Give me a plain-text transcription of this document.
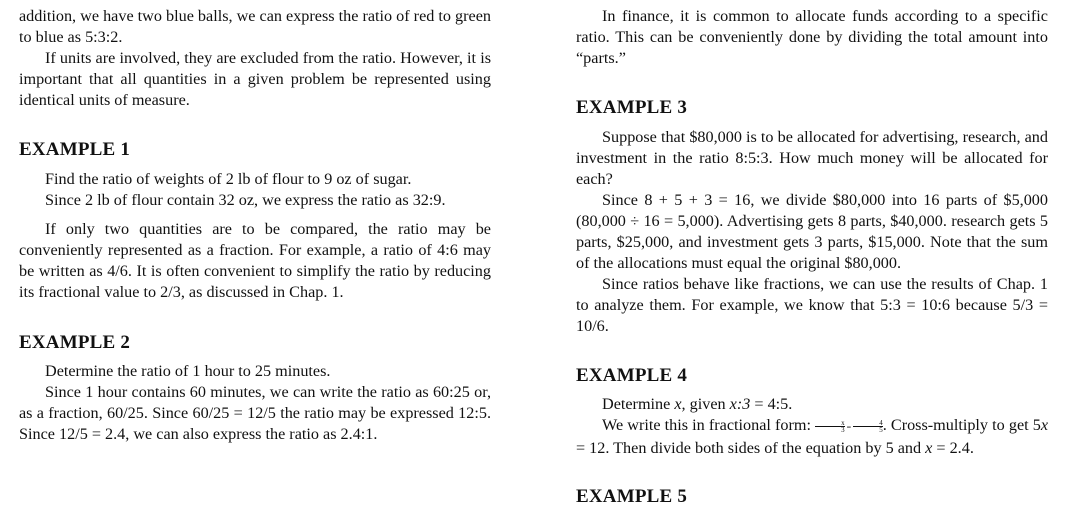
addition, we have two blue balls, we can express the ratio of red to green to blue as 5:3:2.

If units are involved, they are excluded from the ratio. However, it is important that all quantities in a given problem be represented using identical units of measure.

EXAMPLE 1

Find the ratio of weights of 2 lb of flour to 9 oz of sugar.

Since 2 lb of flour contain 32 oz, we express the ratio as 32:9.

If only two quantities are to be compared, the ratio may be conveniently represented as a fraction. For example, a ratio of 4:6 may be written as 4/6. It is often convenient to simplify the ratio by reducing its fractional value to 2/3, as discussed in Chap. 1.

EXAMPLE 2

Determine the ratio of 1 hour to 25 minutes.

Since 1 hour contains 60 minutes, we can write the ratio as 60:25 or, as a fraction, 60/25. Since 60/25 = 12/5 the ratio may be expressed 12:5. Since 12/5 = 2.4, we can also express the ratio as 2.4:1.

In finance, it is common to allocate funds according to a specific ratio. This can be conveniently done by dividing the total amount into “parts.”

EXAMPLE 3

Suppose that $80,000 is to be allocated for advertising, research, and investment in the ratio 8:5:3. How much money will be allocated for each?

Since 8 + 5 + 3 = 16, we divide $80,000 into 16 parts of $5,000 (80,000 ÷ 16 = 5,000). Advertising gets 8 parts, $40,000. research gets 5 parts, $25,000, and investment gets 3 parts, $15,000. Note that the sum of the allocations must equal the original $80,000.

Since ratios behave like fractions, we can use the results of Chap. 1 to analyze them. For example, we know that 5:3 = 10:6 because 5/3 = 10/6.

EXAMPLE 4

Determine x, given x:3 = 4:5.

We write this in fractional form: $\frac{x}{3} = \frac{4}{5}$ . Cross-multiply to get 5x = 12. Then divide both sides of the equation by 5 and x = 2.4.

EXAMPLE 5
